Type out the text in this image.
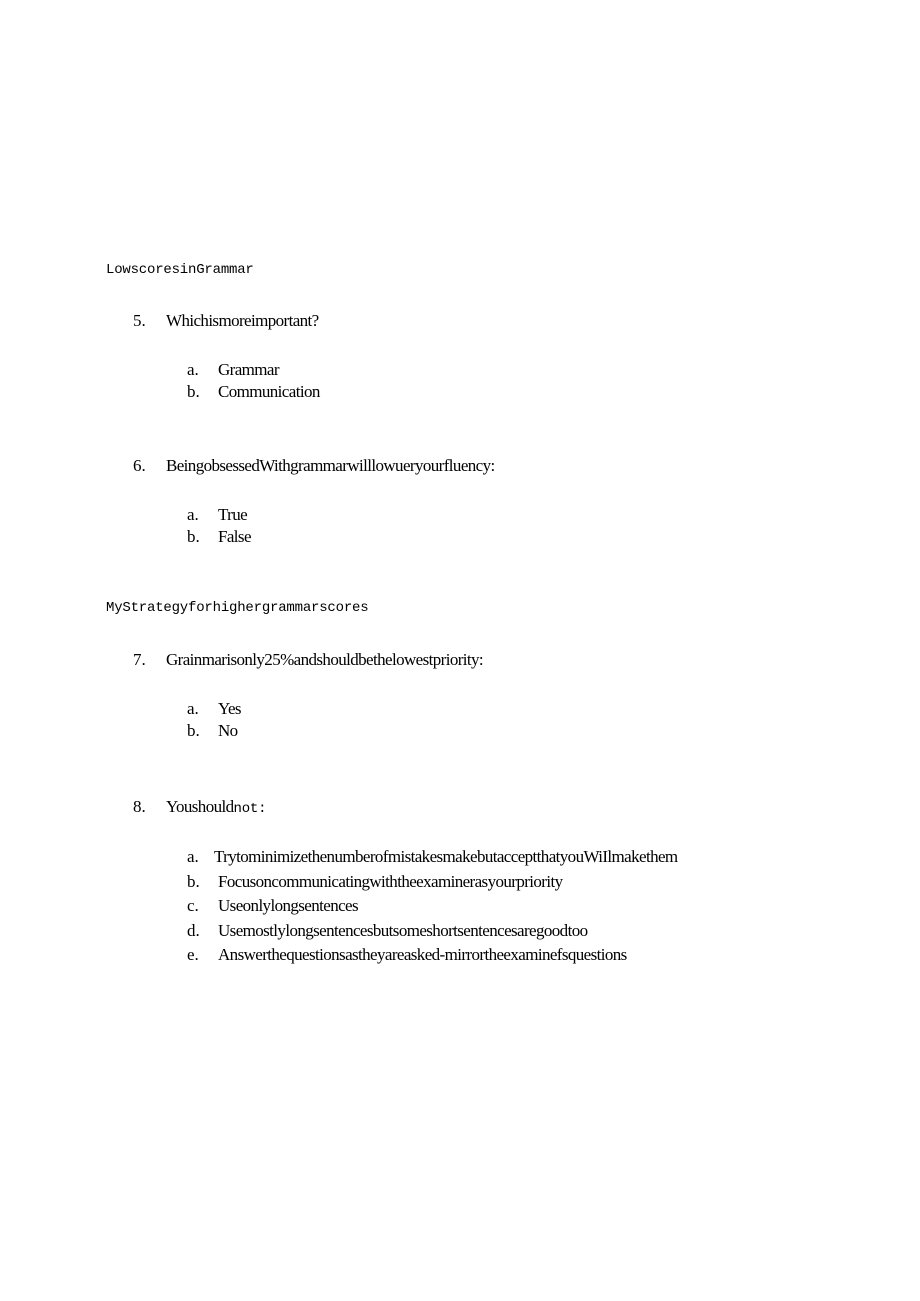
LowscoresinGrammar
5. Whichismoreimportant?
a. Grammar
b. Communication
6. BeingobsessedWithgrammarwilllowueryourfluency:
a. True
b. False
MyStrategyforhighergrammarscores
7. Grainmarisonly25%andshouldbethelowestpriority:
a. Yes
b. No
8. Youshouldnot:
a. TrytominimizethenumberofmistakesmakebutacceptthatyouWiIlmakethem
b. Focusoncommunicatingwiththeexaminerasyourpriority
c. Useonlylongsentences
d. Usemostlylongsentencesbutsomeshortsentencesaregoodtoo
e. Answerthequestionsastheyareasked-mirrortheexaminefsquestions
